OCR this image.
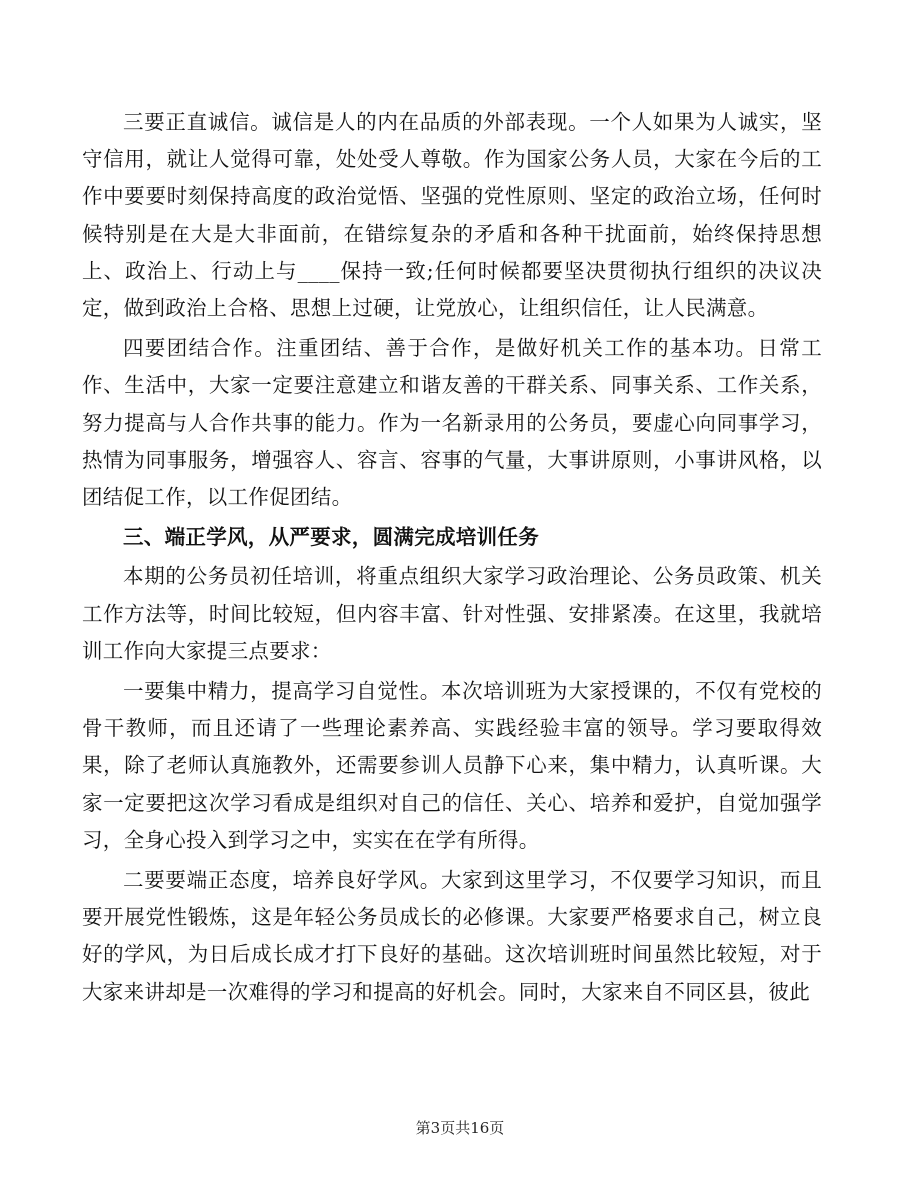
三要正直诚信。诚信是人的内在品质的外部表现。一个人如果为人诚实，坚守信用，就让人觉得可靠，处处受人尊敬。作为国家公务人员，大家在今后的工作中要要时刻保持高度的政治觉悟、坚强的党性原则、坚定的政治立场，任何时候特别是在大是大非面前，在错综复杂的矛盾和各种干扰面前，始终保持思想上、政治上、行动上与____保持一致;任何时候都要坚决贯彻执行组织的决议决定，做到政治上合格、思想上过硬，让党放心，让组织信任，让人民满意。

四要团结合作。注重团结、善于合作，是做好机关工作的基本功。日常工作、生活中，大家一定要注意建立和谐友善的干群关系、同事关系、工作关系，努力提高与人合作共事的能力。作为一名新录用的公务员，要虚心向同事学习，热情为同事服务，增强容人、容言、容事的气量，大事讲原则，小事讲风格，以团结促工作，以工作促团结。

三、端正学风，从严要求，圆满完成培训任务

本期的公务员初任培训，将重点组织大家学习政治理论、公务员政策、机关工作方法等，时间比较短，但内容丰富、针对性强、安排紧凑。在这里，我就培训工作向大家提三点要求：

一要集中精力，提高学习自觉性。本次培训班为大家授课的，不仅有党校的骨干教师，而且还请了一些理论素养高、实践经验丰富的领导。学习要取得效果，除了老师认真施教外，还需要参训人员静下心来，集中精力，认真听课。大家一定要把这次学习看成是组织对自己的信任、关心、培养和爱护，自觉加强学习，全身心投入到学习之中，实实在在学有所得。

二要要端正态度，培养良好学风。大家到这里学习，不仅要学习知识，而且要开展党性锻炼，这是年轻公务员成长的必修课。大家要严格要求自己，树立良好的学风，为日后成长成才打下良好的基础。这次培训班时间虽然比较短，对于大家来讲却是一次难得的学习和提高的好机会。同时，大家来自不同区县，彼此

第3页共16页
